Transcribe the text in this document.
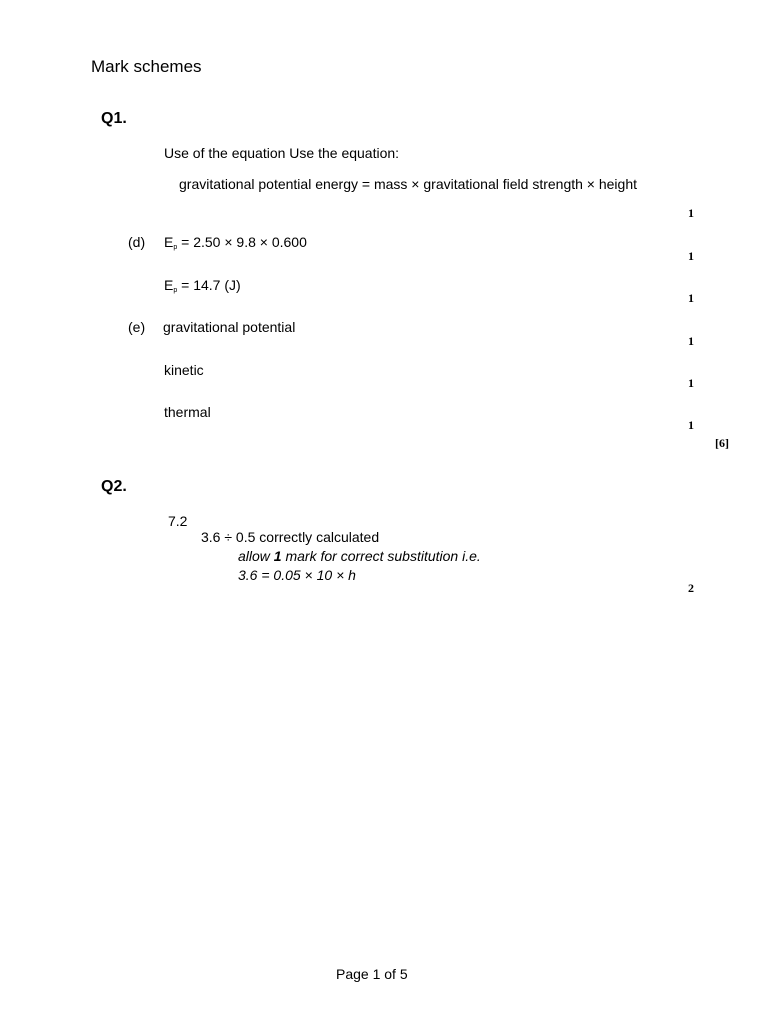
Mark schemes
Q1.
Use of the equation Use the equation:
gravitational potential energy = mass × gravitational field strength × height
1
(d) $E_p = 2.50 \times 9.8 \times 0.600$
1
$E_p = 14.7$ (J)
1
(e) gravitational potential
1
kinetic
1
thermal
1
[6]
Q2.
7.2
3.6 ÷ 0.5 correctly calculated
allow 1 mark for correct substitution i.e.
3.6 = 0.05 × 10 × h
2
Page 1 of 5
